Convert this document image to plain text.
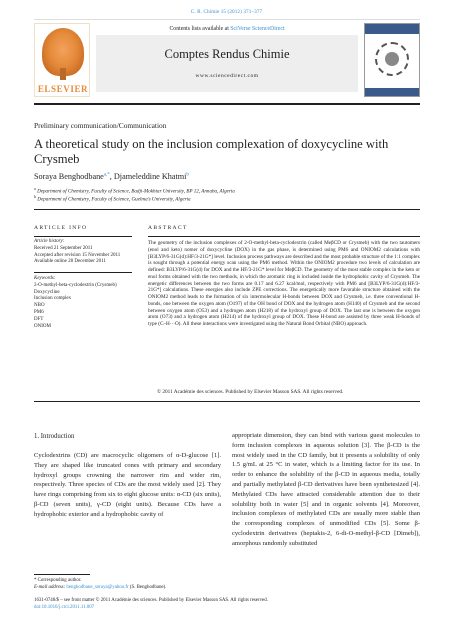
C. R. Chimie 15 (2012) 371–377
ELSEVIER
Contents lists available at SciVerse ScienceDirect
Comptes Rendus Chimie
www.sciencedirect.com
Preliminary communication/Communication
A theoretical study on the inclusion complexation of doxycycline with Crysmeb
Soraya Benghodbane$^{a,*}$, Djameleddine Khatmi$^b$
$^a$ Department of Chemistry, Faculty of Science, Badji-Mokhtar University, BP 12, Annaba, Algeria
$^b$ Department of Chemistry, Faculty of Science, Guelma’s University, Algeria
ARTICLE INFO	ABSTRACT
Article history:
Received 21 September 2011
Accepted after revision 15 November 2011
Available online 28 December 2011
Keywords:
2-O-methyl-beta-cyclodextrin (Crysmeb)
Doxycycline
Inclusion complex
NBO
PM6
DFT
ONIOM
The geometry of the inclusion complexes of 2-O-methyl-beta-cyclodextrin (called MeβCD or Crysmeb) with the two tautomers (enol and keto) nomer of doxycycline (DOX) in the gas phase, is determined using PM6 and ONIOM2 calculations with [B3LYP/6-31G(d):HF/3-21G*] level. Inclusion process pathways are described and the most probable structure of the 1:1 complex is sought through a potential energy scan using the PM6 method. Within the ONIOM2 procedure two levels of calculation are defined: B3LYP/6-31G(d) for DOX and the HF/3-21G* level for MeβCD. The geometry of the most stable complex in the keto or enol forms obtained with the two methods, in which the aromatic ring is included inside the hydrophobic cavity of Crysmeb. The energetic differences between the two forms are 0.17 and 6.27 kcal/mol, respectively with PM6 and [B3LYP/6-31G(d):HF/3-21G*] calculations. These energies also include ZPE corrections. The energetically more favorable structure obtained with the ONIOM2 method leads to the formation of six intermolecular H-bonds between DOX and Crysmeb, i.e. three conventional H-bonds, one between the oxygen atom (O197) of the OH bond of DOX and the hydrogen atom (H140) of Crysmeb and the second between oxygen atom (O53) and a hydrogen atom (H218) of the hydroxyl group of DOX. The last one is between the oxygen atom (O73) and a hydrogen atom (H214) of the hydroxyl group of DOX. These H-bond are assisted by three weak H-bonds of type (C–H···O). All these interactions were investigated using the Natural Bond Orbital (NBO) approach.
© 2011 Académie des sciences. Published by Elsevier Masson SAS. All rights reserved.
1. Introduction
Cyclodextrins (CD) are macrocyclic oligomers of α-D-glucose [1]. They are shaped like truncated cones with primary and secondary hydroxyl groups crowning the narrower rim and wider rim, respectively. Three species of CDs are the most widely used [2]. They have rings comprising from six to eight glucose units: α-CD (six units), β-CD (seven units), γ-CD (eight units). Because CDs have a hydrophobic exterior and a hydrophobic cavity of
appropriate dimension, they can bind with various guest molecules to form inclusion complexes in aqueous solution [3]. The β-CD is the most widely used in the CD family, but it presents a solubility of only 1.5 g/mL at 25 °C in water, which is a limiting factor for its use. In order to enhance the solubility of the β-CD in aqueous media, totally and partially methylated β-CD derivatives have been synthetesized [4]. Methylated CDs have attracted considerable attention due to their solubility both in water [5] and in organic solvents [4]. Moreover, inclusion complexes of methylated CDs are usually more stable than the corresponding complexes of unmodified CDs [5]. Some β-cyclodextrin derivatives (heptakis-2, 6-di-O-methyl-β-CD [Dimeb]), amorphous randomly substituted
* Corresponding author.
E-mail address: benghodbane_soraya@yahoo.fr (S. Benghodbane).
1631-0748/$ – see front matter © 2011 Académie des sciences. Published by Elsevier Masson SAS. All rights reserved.
doi:10.1016/j.crci.2011.11.007
